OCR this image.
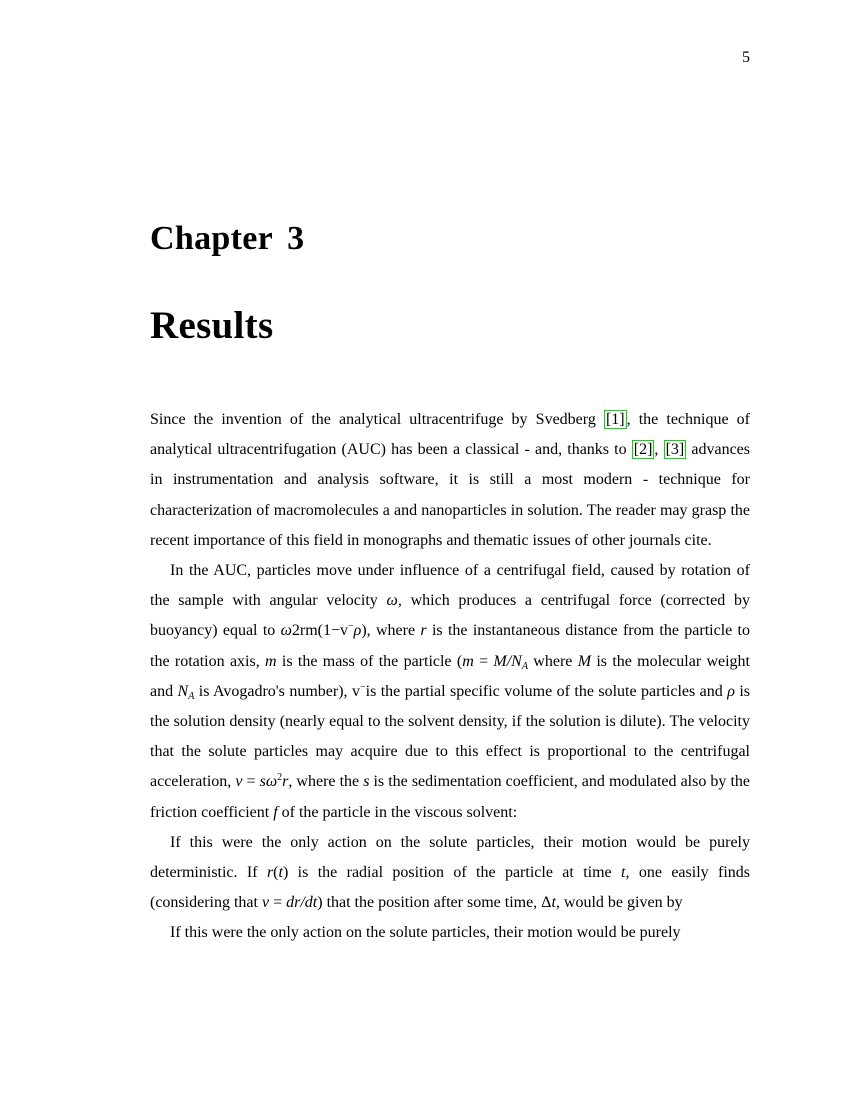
5
Chapter 3
Results

Since the invention of the analytical ultracentrifuge by Svedberg [1] , the technique of analytical ultracentrifugation (AUC) has been a classical - and, thanks to [2] , [3] advances in instrumentation and analysis software, it is still a most modern - technique for characterization of macromolecules a and nanoparticles in solution. The reader may grasp the recent importance of this field in monographs and thematic issues of other journals cite.

In the AUC, particles move under influence of a centrifugal field, caused by rotation of the sample with angular velocity ω, which produces a centrifugal force (corrected by buoyancy) equal to ω2rm(1−v−ρ), where r is the instantaneous distance from the particle to the rotation axis, m is the mass of the particle ($m = M/N_A$ where M is the molecular weight and $N_A$ is Avogadro's number), v−is the partial specific volume of the solute particles and ρ is the solution density (nearly equal to the solvent density, if the solution is dilute). The velocity that the solute particles may acquire due to this effect is proportional to the centrifugal acceleration, $v = s\omega^2r$, where the s is the sedimentation coefficient, and modulated also by the friction coefficient f of the particle in the viscous solvent:

If this were the only action on the solute particles, their motion would be purely deterministic. If r(t) is the radial position of the particle at time t, one easily finds (considering that v = dr/dt) that the position after some time, Δt, would be given by

If this were the only action on the solute particles, their motion would be purely
